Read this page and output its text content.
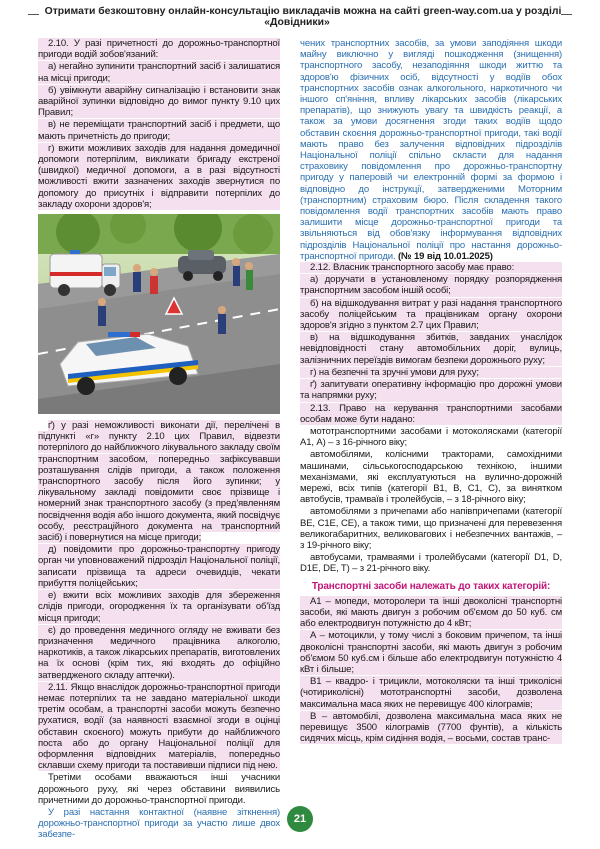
Отримати безкоштовну онлайн-консультацію викладачів можна на сайті green-way.com.ua у розділі «Довідники»

2.10. У разі причетності до дорожньо-транспортної пригоди водій зобов'язаний:

а) негайно зупинити транспортний засіб і залишатися на місці пригоди;

б) увімкнути аварійну сигналізацію і встановити знак аварійної зупинки відповідно до вимог пункту 9.10 цих Правил;

в) не переміщати транспортний засіб і предмети, що мають причетність до пригоди;

г) вжити можливих заходів для надання домедичної допомоги потерпілим, викликати бригаду екстреної (швидкої) медичної допомоги, а в разі відсутності можливості вжити зазначених заходів звернутися по допомогу до присутніх і відправити потерпілих до закладу охорони здоров'я;

ґ) у разі неможливості виконати дії, перелічені в підпункті «г» пункту 2.10 цих Правил, відвезти потерпілого до найближчого лікувального закладу своїм транспортним засобом, попередньо зафіксувавши розташування слідів пригоди, а також положення транспортного засобу після його зупинки; у лікувальному закладі повідомити своє прізвище і номерний знак транспортного засобу (з пред'явленням посвідчення водія або іншого документа, який посвідчує особу, реєстраційного документа на транспортний засіб) і повернутися на місце пригоди;

д) повідомити про дорожньо-транспортну пригоду орган чи уповноважений підрозділ Національної поліції, записати прізвища та адреси очевидців, чекати прибуття поліцейських;

е) вжити всіх можливих заходів для збереження слідів пригоди, огородження їх та організувати об'їзд місця пригоди;

є) до проведення медичного огляду не вживати без призначення медичного працівника алкоголю, наркотиків, а також лікарських препаратів, виготовлених на їх основі (крім тих, які входять до офіційно затвердженого складу аптечки).

2.11. Якщо внаслідок дорожньо-транспортної пригоди немає потерпілих та не завдано матеріальної шкоди третім особам, а транспортні засоби можуть безпечно рухатися, водії (за наявності взаємної згоди в оцінці обставин скоєного) можуть прибути до найближчого поста або до органу Національної поліції для оформлення відповідних матеріалів, попередньо склавши схему пригоди та поставивши підписи під нею.

Третіми особами вважаються інші учасники дорожнього руху, які через обставини виявились причетними до дорожньо-транспортної пригоди.

У разі настання контактної (наявне зіткнення) дорожньо-транспортної пригоди за участю лише двох забезпе-

чених транспортних засобів, за умови заподіяння шкоди майну виключно у вигляді пошкодження (знищення) транспортного засобу, незаподіяння шкоди життю та здоров'ю фізичних осіб, відсутності у водіїв обох транспортних засобів ознак алкогольного, наркотичного чи іншого сп'яніння, впливу лікарських засобів (лікарських препаратів), що знижують увагу та швидкість реакції, а також за умови досягнення згоди таких водіїв щодо обставин скоєння дорожньо-транспортної пригоди, такі водії мають право без залучення відповідних підрозділів Національної поліції спільно скласти для надання страховику повідомлення про дорожньо-транспортну пригоду у паперовій чи електронній формі за формою і відповідно до інструкції, затвердженими Моторним (транспортним) страховим бюро. Після складення такого повідомлення водії транспортних засобів мають право залишити місце дорожньо-транспортної пригоди та звільняються від обов'язку інформування відповідних підрозділів Національної поліції про настання дорожньо-транспортної пригоди. (№ 19 від 10.01.2025)

2.12. Власник транспортного засобу має право:

а) доручати в установленому порядку розпорядження транспортним засобом іншій особі;

б) на відшкодування витрат у разі надання транспортного засобу поліцейським та працівникам органу охорони здоров'я згідно з пунктом 2.7 цих Правил;

в) на відшкодування збитків, завданих унаслідок невідповідності стану автомобільних доріг, вулиць, залізничних переїздів вимогам безпеки дорожнього руху;

г) на безпечні та зручні умови для руху;

ґ) запитувати оперативну інформацію про дорожні умови та напрямки руху;

2.13. Право на керування транспортними засобами особам може бути надано:

мототранспортними засобами і мотоколясками (категорії А1, А) – з 16-річного віку;

автомобілями, колісними тракторами, самохідними машинами, сільськогосподарською технікою, іншими механізмами, які експлуатуються на вулично-дорожній мережі, всіх типів (категорії В1, В, С1, С), за винятком автобусів, трамваїв і тролейбусів, – з 18-річного віку;

автомобілями з причепами або напівпричепами (категорії ВЕ, С1Е, СЕ), а також тими, що призначені для перевезення великогабаритних, великовагових і небезпечних вантажів, – з 19-річного віку;

автобусами, трамваями і тролейбусами (категорії D1, D, D1E, DE, T) – з 21-річного віку.

Транспортні засоби належать до таких категорій:

А1 – мопеди, моторолери та інші двоколісні транспортні засоби, які мають двигун з робочим об'ємом до 50 куб. см або електродвигун потужністю до 4 кВт;

А – мотоцикли, у тому числі з боковим причепом, та інші двоколісні транспортні засоби, які мають двигун з робочим об'ємом 50 куб.см і більше або електродвигун потужністю 4 кВт і більше;

В1 – квадро- і трицикли, мотоколяски та інші триколісні (чотириколісні) мототранспортні засоби, дозволена максимальна маса яких не перевищує 400 кілограмів;

В – автомобілі, дозволена максимальна маса яких не перевищує 3500 кілограмів (7700 фунтів), а кількість сидячих місць, крім сидіння водія, – восьми, состав транс-

21
